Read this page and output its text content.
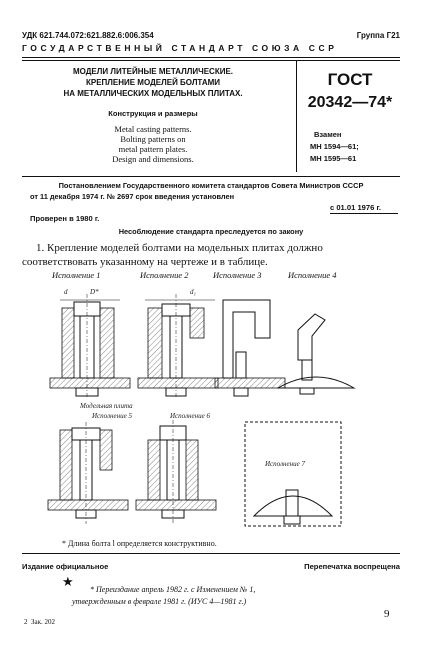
УДК 621.744.072:621.882.6:006.354	Группа Г21
ГОСУДАРСТВЕННЫЙ СТАНДАРТ СОЮЗА ССР
МОДЕЛИ ЛИТЕЙНЫЕ МЕТАЛЛИЧЕСКИЕ.
КРЕПЛЕНИЕ МОДЕЛЕЙ БОЛТАМИ
НА МЕТАЛЛИЧЕСКИХ МОДЕЛЬНЫХ ПЛИТАХ.
Конструкция и размеры
Metal casting patterns.
Bolting patterns on
metal pattern plates.
Design and dimensions.
ГОСТ
20342—74*
Взамен
МН 1594—61;
МН 1595—61
Постановлением Государственного комитета стандартов Совета Министров СССР
от 11 декабря 1974 г. № 2697 срок введения установлен
с 01.01 1976 г.
Проверен в 1980 г.
Несоблюдение стандарта преследуется по закону
1. Крепление моделей болтами на модельных плитах должно
соответствовать указанному на чертеже и в таблице.
Исполнение 1	Исполнение 2	Исполнение 3	Исполнение 4
d	D*	d₁
Модельная плита
Исполнение 5	Исполнение 6
Исполнение 7
* Длина болта l определяется конструктивно.
Издание официальное	Перепечатка воспрещена
★
* Переиздание апрель 1982 г. с Изменением № 1,
утвержденным в феврале 1981 г. (ИУС 4—1981 г.)
9
2  Зак. 202
